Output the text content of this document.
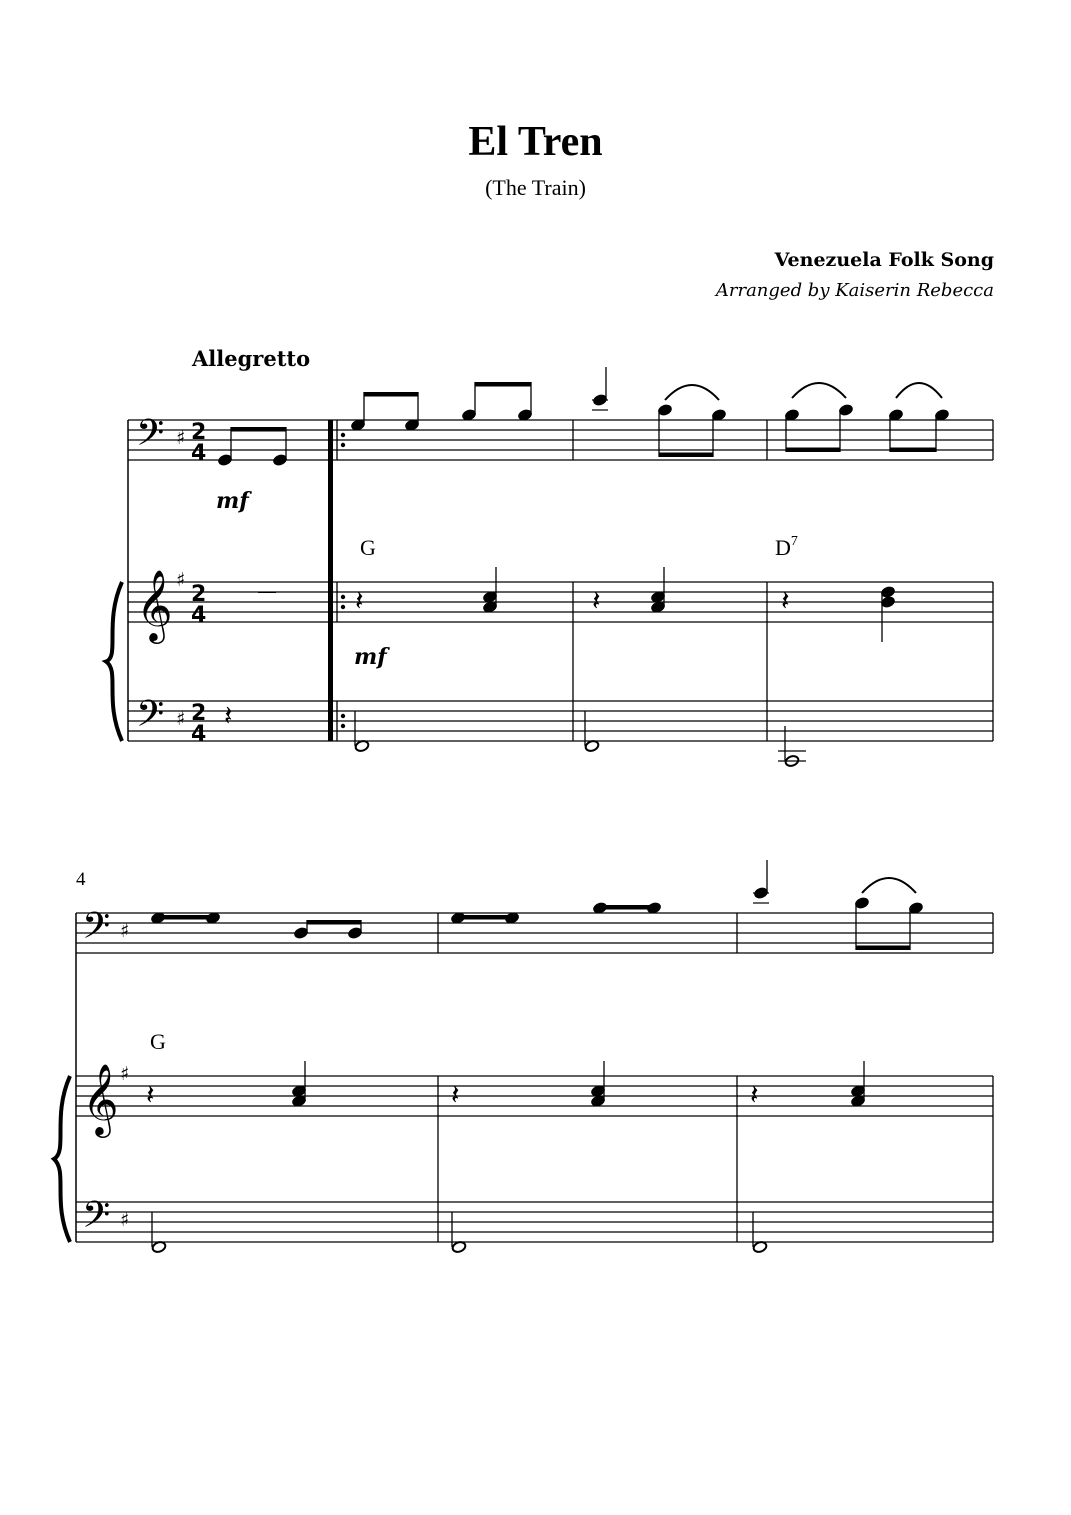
El Tren
(The Train)
Venezuela Folk Song
Arranged by Kaiserin Rebecca
Allegretto
mf
mf
G	$D^7$
4
G
𝄢
𝄞
𝄢
♯
♯
♯
2
4
2
4
2
4
—
𝄽
𝄽	𝄽	𝄽
𝄢
𝄞
𝄢
♯
♯
♯
𝄽	𝄽	𝄽
